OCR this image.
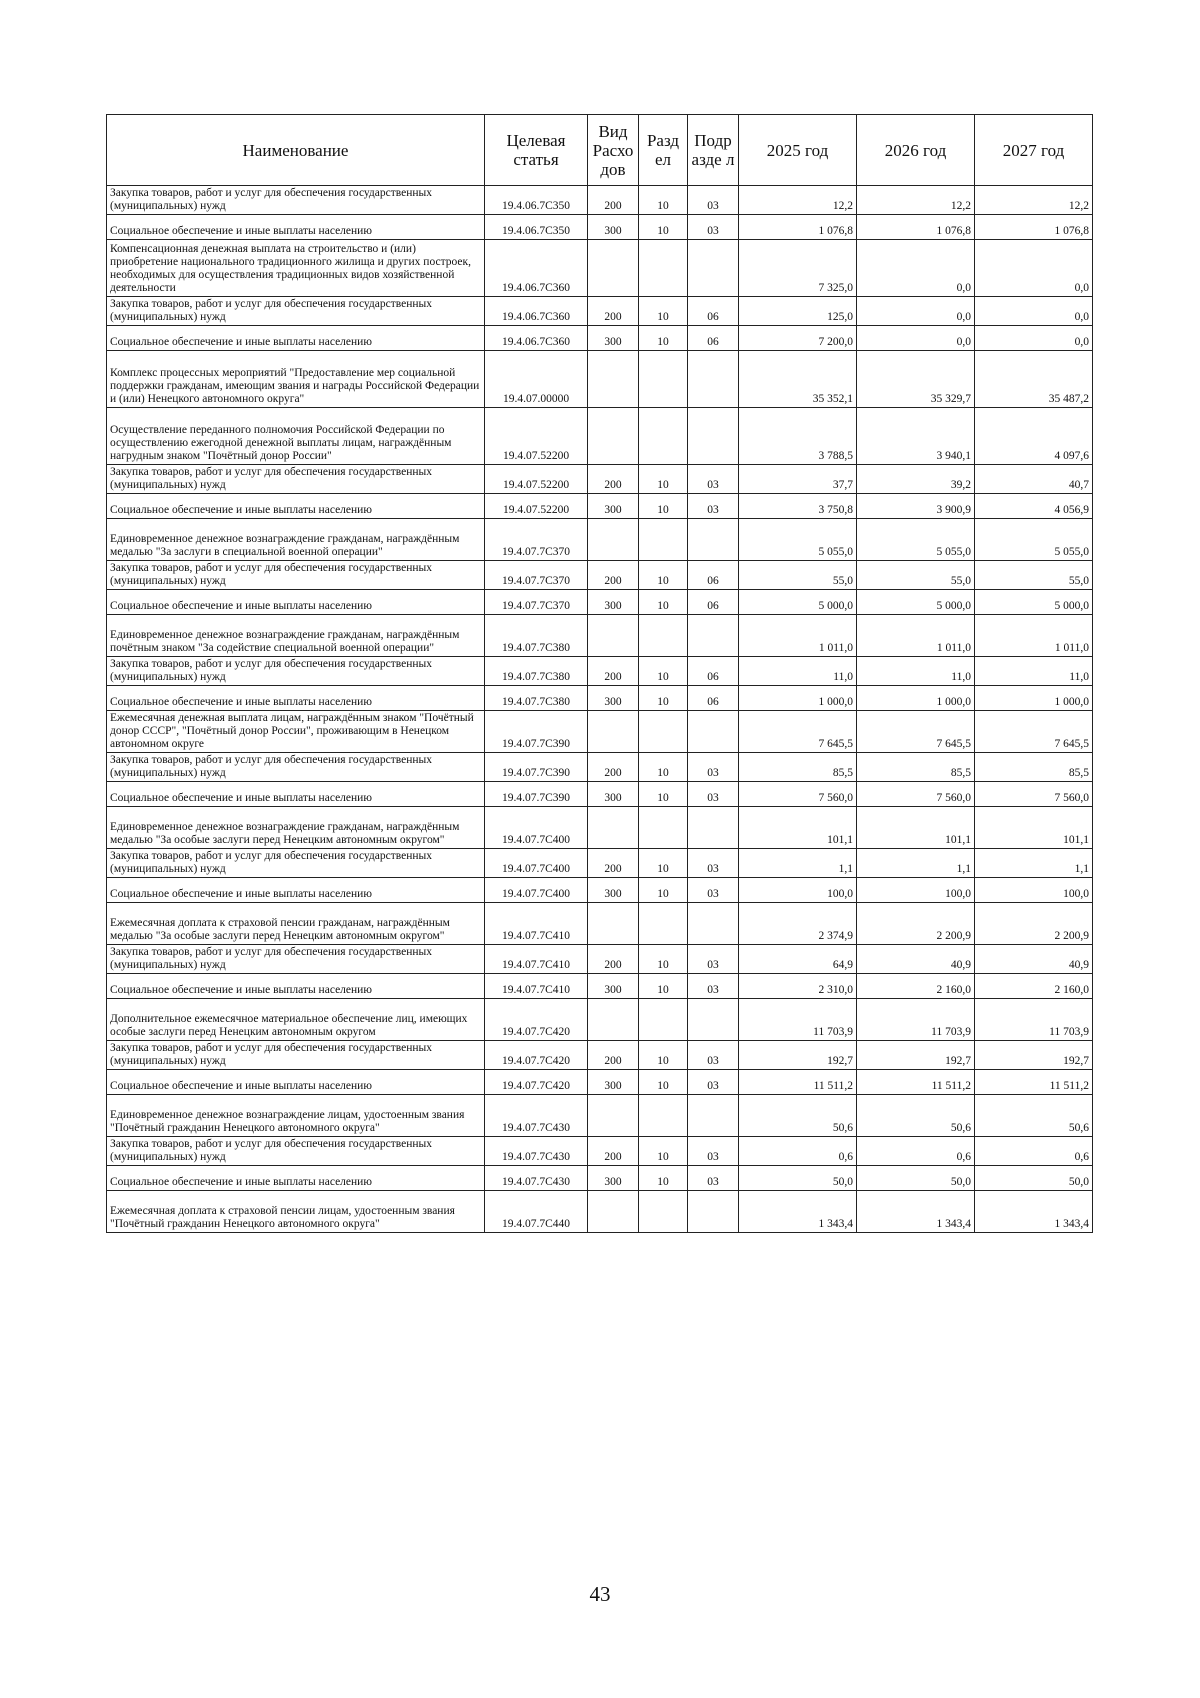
Наименование	Целевая статья	Вид Расхо дов	Разд ел	Подр азде л	2025 год	2026 год	2027 год
Закупка товаров, работ и услуг для обеспечения государственных (муниципальных) нужд	19.4.06.7С350	200	10	03	12,2	12,2	12,2
Социальное обеспечение и иные выплаты населению	19.4.06.7С350	300	10	03	1 076,8	1 076,8	1 076,8
Компенсационная денежная выплата на строительство и (или) приобретение национального традиционного жилища и других построек, необходимых для осуществления традиционных видов хозяйственной деятельности	19.4.06.7С360				7 325,0	0,0	0,0
Закупка товаров, работ и услуг для обеспечения государственных (муниципальных) нужд	19.4.06.7С360	200	10	06	125,0	0,0	0,0
Социальное обеспечение и иные выплаты населению	19.4.06.7С360	300	10	06	7 200,0	0,0	0,0
Комплекс процессных мероприятий "Предоставление мер социальной поддержки гражданам, имеющим звания и награды Российской Федерации и (или) Ненецкого автономного округа"	19.4.07.00000				35 352,1	35 329,7	35 487,2
Осуществление переданного полномочия Российской Федерации по осуществлению ежегодной денежной выплаты лицам, награждённым нагрудным знаком "Почётный донор России"	19.4.07.52200				3 788,5	3 940,1	4 097,6
Закупка товаров, работ и услуг для обеспечения государственных (муниципальных) нужд	19.4.07.52200	200	10	03	37,7	39,2	40,7
Социальное обеспечение и иные выплаты населению	19.4.07.52200	300	10	03	3 750,8	3 900,9	4 056,9
Единовременное денежное вознаграждение гражданам, награждённым медалью "За заслуги в специальной военной операции"	19.4.07.7С370				5 055,0	5 055,0	5 055,0
Закупка товаров, работ и услуг для обеспечения государственных (муниципальных) нужд	19.4.07.7С370	200	10	06	55,0	55,0	55,0
Социальное обеспечение и иные выплаты населению	19.4.07.7С370	300	10	06	5 000,0	5 000,0	5 000,0
Единовременное денежное вознаграждение гражданам, награждённым почётным знаком "За содействие специальной военной операции"	19.4.07.7С380				1 011,0	1 011,0	1 011,0
Закупка товаров, работ и услуг для обеспечения государственных (муниципальных) нужд	19.4.07.7С380	200	10	06	11,0	11,0	11,0
Социальное обеспечение и иные выплаты населению	19.4.07.7С380	300	10	06	1 000,0	1 000,0	1 000,0
Ежемесячная денежная выплата лицам, награждённым знаком "Почётный донор СССР", "Почётный донор России", проживающим в Ненецком автономном округе	19.4.07.7С390				7 645,5	7 645,5	7 645,5
Закупка товаров, работ и услуг для обеспечения государственных (муниципальных) нужд	19.4.07.7С390	200	10	03	85,5	85,5	85,5
Социальное обеспечение и иные выплаты населению	19.4.07.7С390	300	10	03	7 560,0	7 560,0	7 560,0
Единовременное денежное вознаграждение гражданам, награждённым медалью "За особые заслуги перед Ненецким автономным округом"	19.4.07.7С400				101,1	101,1	101,1
Закупка товаров, работ и услуг для обеспечения государственных (муниципальных) нужд	19.4.07.7С400	200	10	03	1,1	1,1	1,1
Социальное обеспечение и иные выплаты населению	19.4.07.7С400	300	10	03	100,0	100,0	100,0
Ежемесячная доплата к страховой пенсии гражданам, награждённым медалью "За особые заслуги перед Ненецким автономным округом"	19.4.07.7С410				2 374,9	2 200,9	2 200,9
Закупка товаров, работ и услуг для обеспечения государственных (муниципальных) нужд	19.4.07.7С410	200	10	03	64,9	40,9	40,9
Социальное обеспечение и иные выплаты населению	19.4.07.7С410	300	10	03	2 310,0	2 160,0	2 160,0
Дополнительное ежемесячное материальное обеспечение лиц, имеющих особые заслуги перед Ненецким автономным округом	19.4.07.7С420				11 703,9	11 703,9	11 703,9
Закупка товаров, работ и услуг для обеспечения государственных (муниципальных) нужд	19.4.07.7С420	200	10	03	192,7	192,7	192,7
Социальное обеспечение и иные выплаты населению	19.4.07.7С420	300	10	03	11 511,2	11 511,2	11 511,2
Единовременное денежное вознаграждение лицам, удостоенным звания "Почётный гражданин Ненецкого автономного округа"	19.4.07.7С430				50,6	50,6	50,6
Закупка товаров, работ и услуг для обеспечения государственных (муниципальных) нужд	19.4.07.7С430	200	10	03	0,6	0,6	0,6
Социальное обеспечение и иные выплаты населению	19.4.07.7С430	300	10	03	50,0	50,0	50,0
Ежемесячная доплата к страховой пенсии лицам, удостоенным звания "Почётный гражданин Ненецкого автономного округа"	19.4.07.7С440				1 343,4	1 343,4	1 343,4
43
